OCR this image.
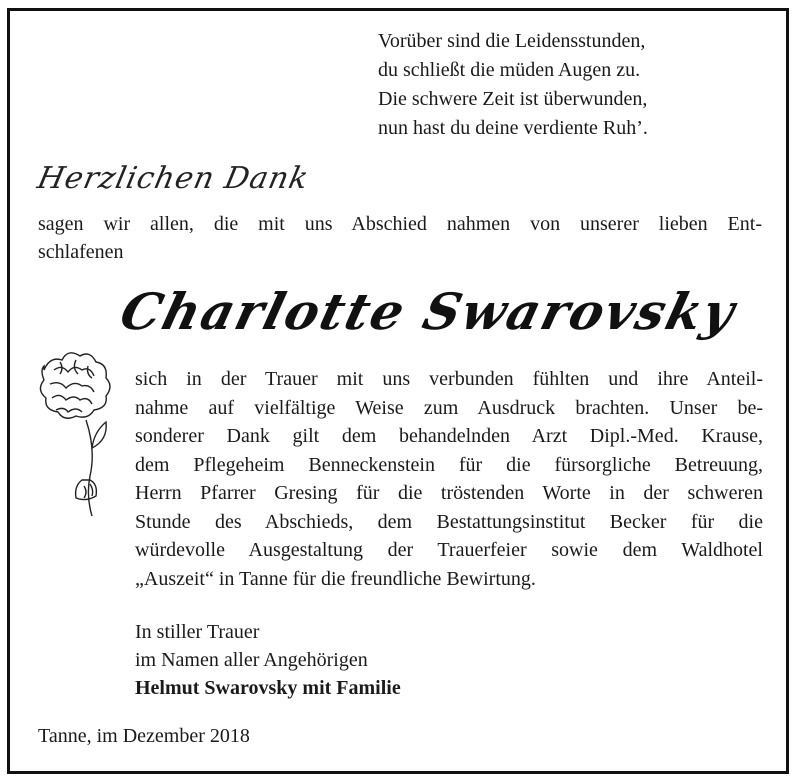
Vorüber sind die Leidensstunden,
du schließt die müden Augen zu.
Die schwere Zeit ist überwunden,
nun hast du deine verdiente Ruh’.
Herzlichen Dank
sagen wir allen, die mit uns Abschied nahmen von unserer lieben Ent-
schlafenen
Charlotte Swarovsky
sich in der Trauer mit uns verbunden fühlten und ihre Anteil-
nahme auf vielfältige Weise zum Ausdruck brachten. Unser be-
sonderer Dank gilt dem behandelnden Arzt Dipl.-Med. Krause,
dem Pflegeheim Benneckenstein für die fürsorgliche Betreuung,
Herrn Pfarrer Gresing für die tröstenden Worte in der schweren
Stunde des Abschieds, dem Bestattungsinstitut Becker für die
würdevolle Ausgestaltung der Trauerfeier sowie dem Waldhotel
„Auszeit“ in Tanne für die freundliche Bewirtung.
In stiller Trauer
im Namen aller Angehörigen
Helmut Swarovsky mit Familie
Tanne, im Dezember 2018
